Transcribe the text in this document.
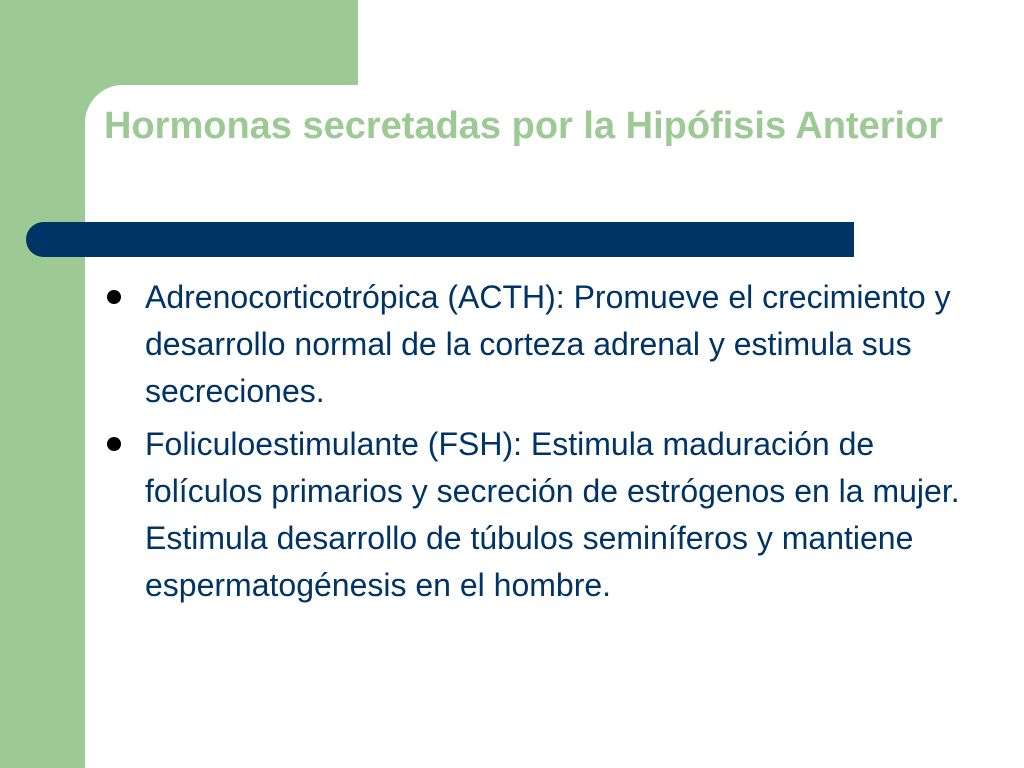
Hormonas secretadas por la Hipófisis Anterior
Adrenocorticotrópica (ACTH): Promueve el crecimiento y desarrollo normal de la corteza adrenal y estimula sus secreciones.
Foliculoestimulante (FSH): Estimula maduración de folículos primarios y secreción de estrógenos en la mujer. Estimula desarrollo de túbulos seminíferos y mantiene espermatogénesis en el hombre.
